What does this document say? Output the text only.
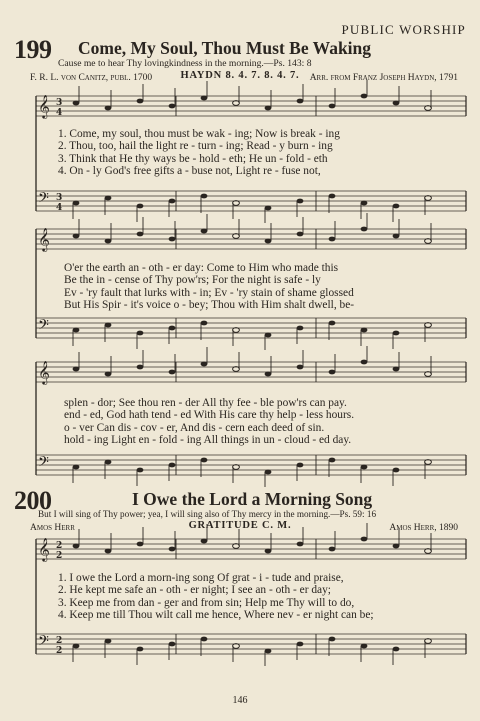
PUBLIC WORSHIP
199 Come, My Soul, Thou Must Be Waking
Cause me to hear Thy lovingkindness in the morning.—Ps. 143: 8
HAYDN 8. 4. 7. 8. 4. 7.
F. R. L. von Canitz, publ. 1700	Arr. from Franz Joseph Haydn, 1791
𝄞 3
4
𝄢 3
4
𝄞
𝄢
𝄞
𝄢
𝄞 2
2
𝄢 2
2
1. Come, my soul, thou must be wak - ing; Now is break - ing
2. Thou, too, hail the light re - turn - ing; Read - y burn - ing
3. Think that He thy ways be - hold - eth; He un - fold - eth
4. On - ly God's free gifts a - buse not, Light re - fuse not,
O'er the earth an - oth - er day: Come to Him who made this
Be the in - cense of Thy pow'rs; For the night is safe - ly
Ev - 'ry fault that lurks with - in; Ev - 'ry stain of shame glossed
But His Spir - it's voice o - bey; Thou with Him shalt dwell, be-
splen - dor; See thou ren - der All thy fee - ble pow'rs can pay.
end - ed, God hath tend - ed With His care thy help - less hours.
o - ver Can dis - cov - er, And dis - cern each deed of sin.
hold - ing Light en - fold - ing All things in un - cloud - ed day.
200	I Owe the Lord a Morning Song
But I will sing of Thy power; yea, I will sing also of Thy mercy in the morning.—Ps. 59: 16
GRATITUDE C. M.
Amos Herr	Amos Herr, 1890
1. I owe the Lord a morn-ing song Of grat - i - tude and praise,
2. He kept me safe an - oth - er night; I see an - oth - er day;
3. Keep me from dan - ger and from sin; Help me Thy will to do,
4. Keep me till Thou wilt call me hence, Where nev - er night can be;
146
